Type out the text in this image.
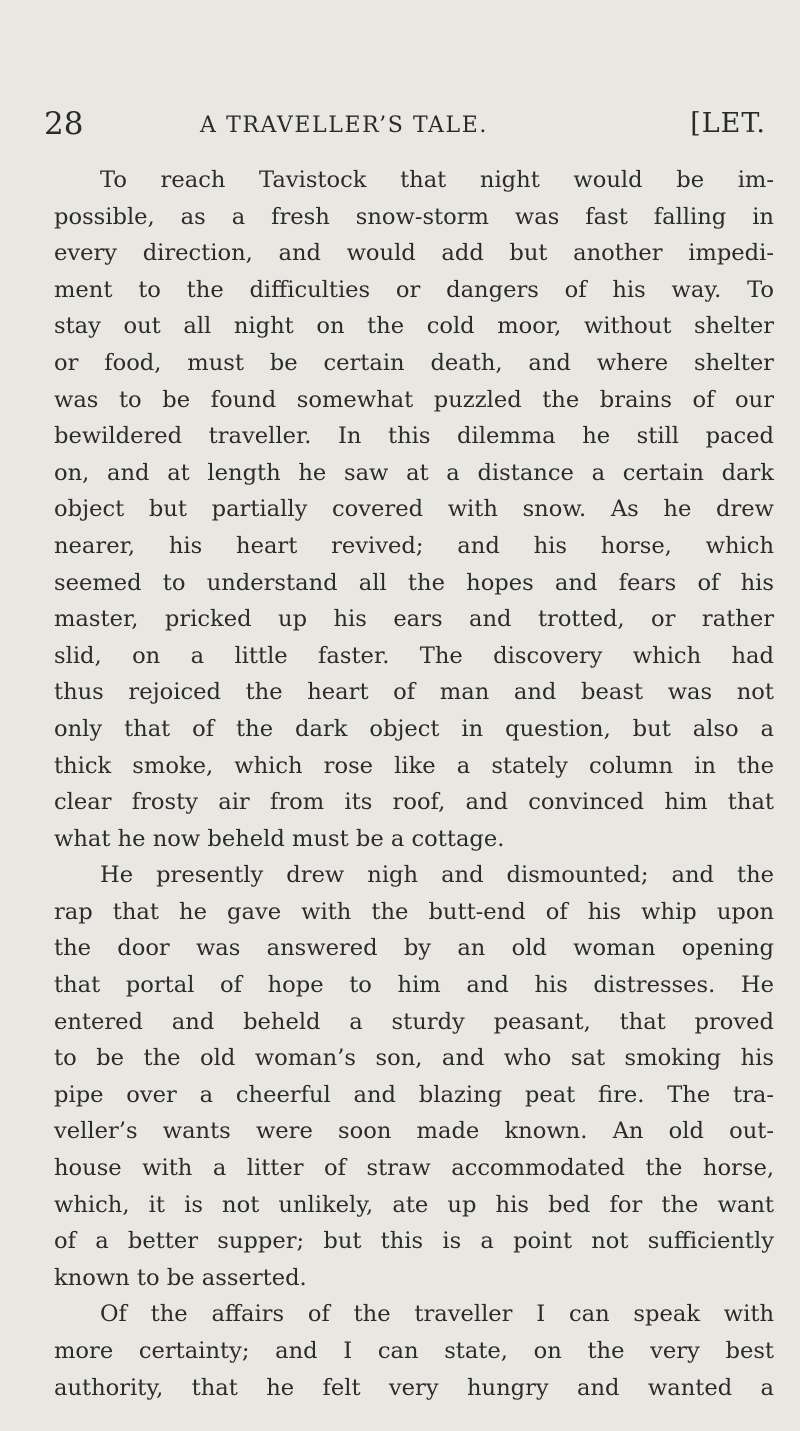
28	A TRAVELLER’S TALE.	[LET.
To reach Tavistock that night would be im-
possible, as a fresh snow-storm was fast falling in
every direction, and would add but another impedi-
ment to the difficulties or dangers of his way. To
stay out all night on the cold moor, without shelter
or food, must be certain death, and where shelter
was to be found somewhat puzzled the brains of our
bewildered traveller. In this dilemma he still paced
on, and at length he saw at a distance a certain dark
object but partially covered with snow. As he drew
nearer, his heart revived; and his horse, which
seemed to understand all the hopes and fears of his
master, pricked up his ears and trotted, or rather
slid, on a little faster. The discovery which had
thus rejoiced the heart of man and beast was not
only that of the dark object in question, but also a
thick smoke, which rose like a stately column in the
clear frosty air from its roof, and convinced him that
what he now beheld must be a cottage.
He presently drew nigh and dismounted; and the
rap that he gave with the butt-end of his whip upon
the door was answered by an old woman opening
that portal of hope to him and his distresses. He
entered and beheld a sturdy peasant, that proved
to be the old woman’s son, and who sat smoking his
pipe over a cheerful and blazing peat fire. The tra-
veller’s wants were soon made known. An old out-
house with a litter of straw accommodated the horse,
which, it is not unlikely, ate up his bed for the want
of a better supper; but this is a point not sufficiently
known to be asserted.
Of the affairs of the traveller I can speak with
more certainty; and I can state, on the very best
authority, that he felt very hungry and wanted a
